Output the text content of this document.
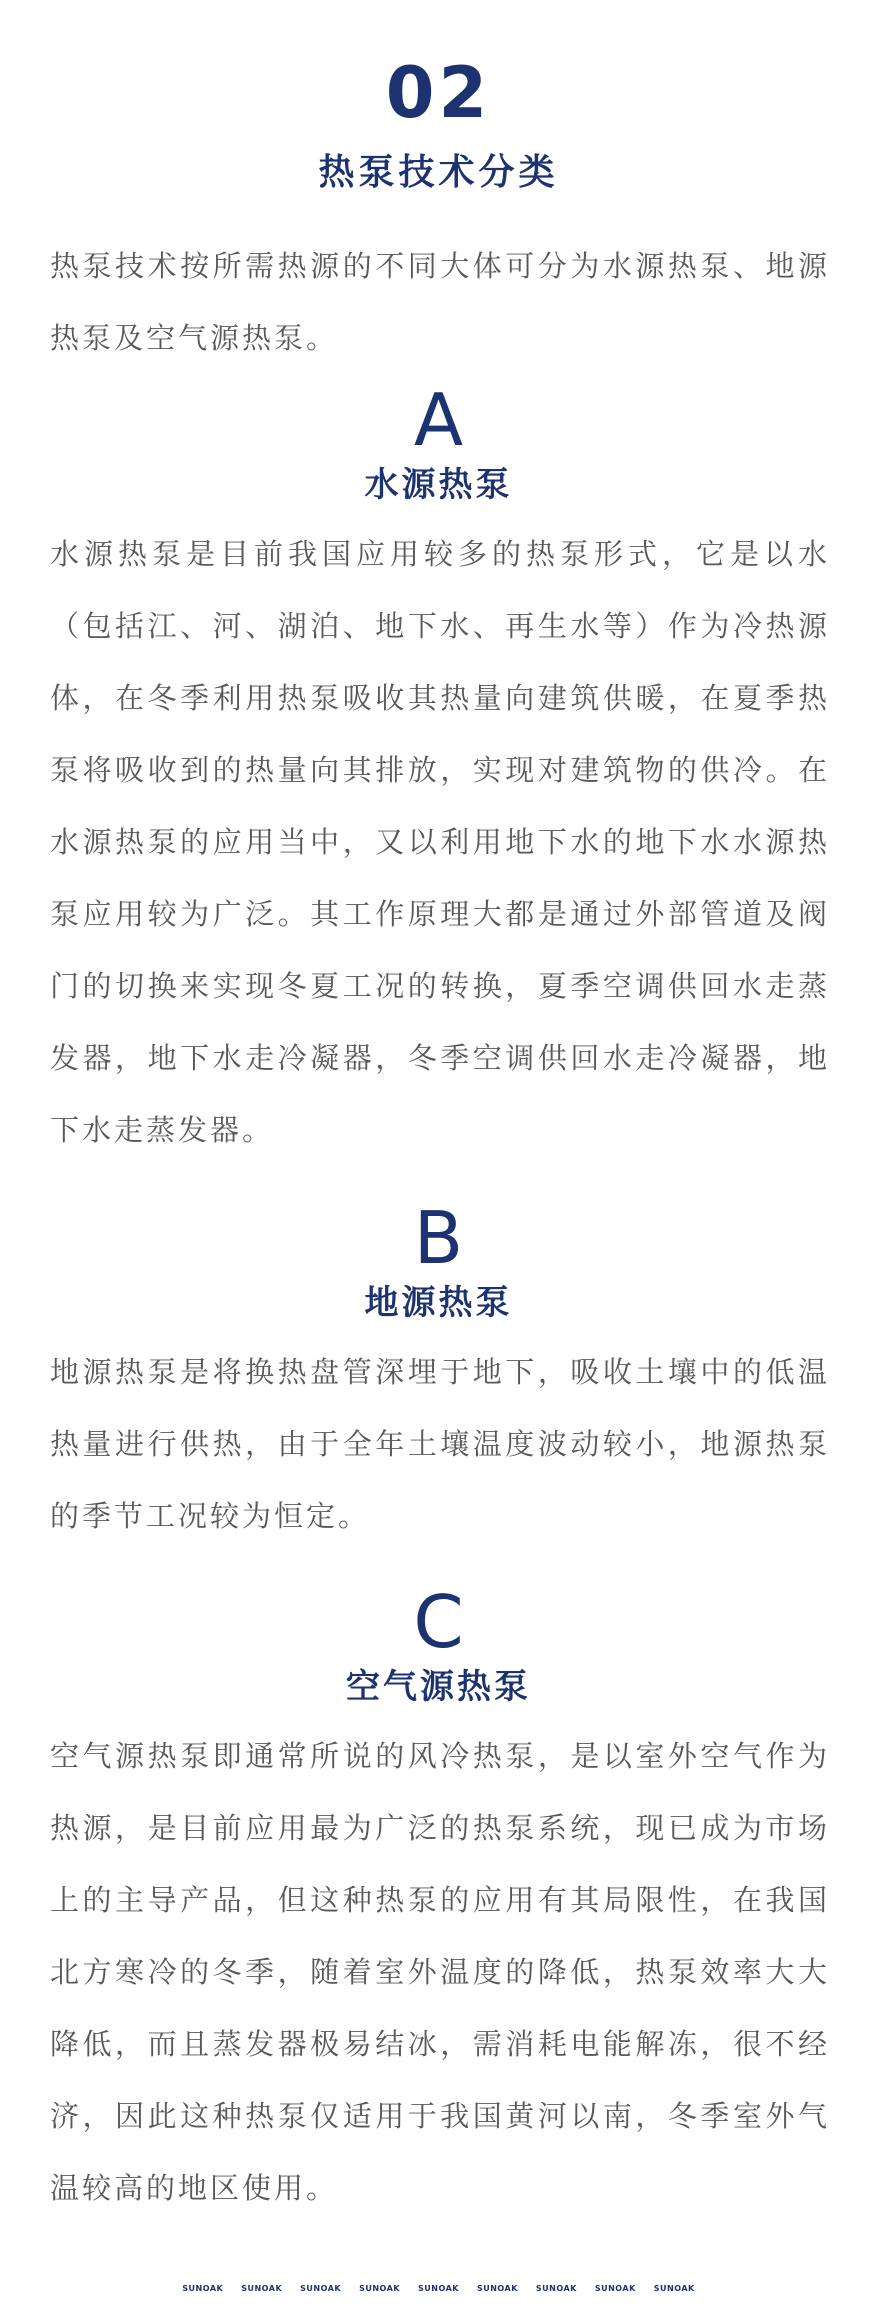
02
热泵技术分类

热泵技术按所需热源的不同大体可分为水源热泵、地源热泵及空气源热泵。

A
水源热泵

水源热泵是目前我国应用较多的热泵形式，它是以水（包括江、河、湖泊、地下水、再生水等）作为冷热源体，在冬季利用热泵吸收其热量向建筑供暖，在夏季热泵将吸收到的热量向其排放，实现对建筑物的供冷。在水源热泵的应用当中，又以利用地下水的地下水水源热泵应用较为广泛。其工作原理大都是通过外部管道及阀门的切换来实现冬夏工况的转换，夏季空调供回水走蒸发器，地下水走冷凝器，冬季空调供回水走冷凝器，地下水走蒸发器。

B
地源热泵

地源热泵是将换热盘管深埋于地下，吸收土壤中的低温热量进行供热，由于全年土壤温度波动较小，地源热泵的季节工况较为恒定。

C
空气源热泵

空气源热泵即通常所说的风冷热泵，是以室外空气作为热源，是目前应用最为广泛的热泵系统，现已成为市场上的主导产品，但这种热泵的应用有其局限性，在我国北方寒冷的冬季，随着室外温度的降低，热泵效率大大降低，而且蒸发器极易结冰，需消耗电能解冻，很不经济，因此这种热泵仅适用于我国黄河以南，冬季室外气温较高的地区使用。

SUNOAK SUNOAK SUNOAK SUNOAK SUNOAK SUNOAK SUNOAK SUNOAK SUNOAK
